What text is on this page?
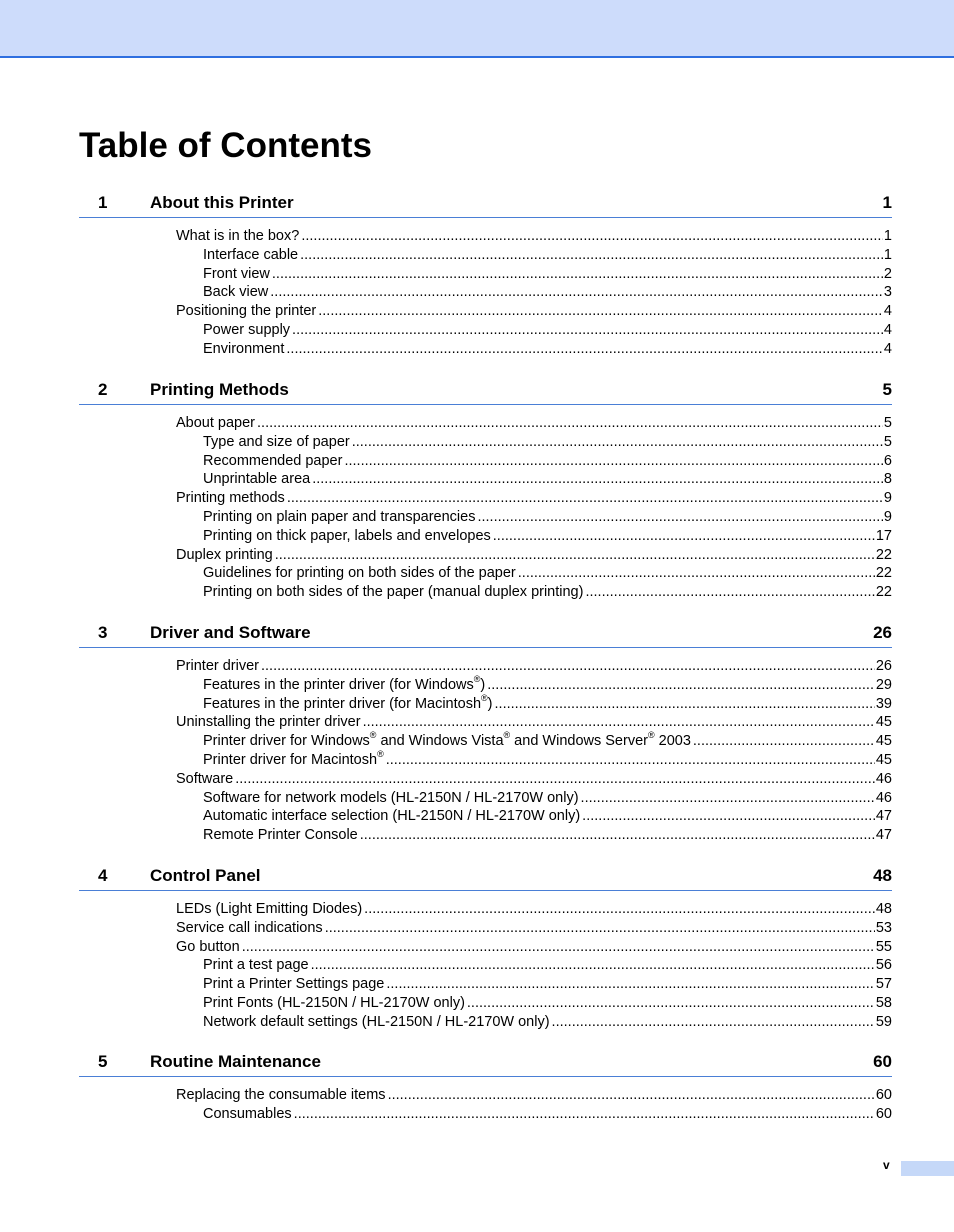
Table of Contents
1	About this Printer	1
What is in the box? .....	1
Interface cable .....	1
Front view .....	2
Back view .....	3
Positioning the printer .....	4
Power supply .....	4
Environment .....	4
2	Printing Methods	5
About paper .....	5
Type and size of paper .....	5
Recommended paper .....	6
Unprintable area .....	8
Printing methods .....	9
Printing on plain paper and transparencies .....	9
Printing on thick paper, labels and envelopes .....	17
Duplex printing .....	22
Guidelines for printing on both sides of the paper .....	22
Printing on both sides of the paper (manual duplex printing) .....	22
3	Driver and Software	26
Printer driver .....	26
Features in the printer driver (for Windows®) .....	29
Features in the printer driver (for Macintosh®) .....	39
Uninstalling the printer driver .....	45
Printer driver for Windows® and Windows Vista® and Windows Server® 2003 .....	45
Printer driver for Macintosh® .....	45
Software .....	46
Software for network models (HL-2150N / HL-2170W only) .....	46
Automatic interface selection (HL-2150N / HL-2170W only) .....	47
Remote Printer Console .....	47
4	Control Panel	48
LEDs (Light Emitting Diodes) .....	48
Service call indications .....	53
Go button .....	55
Print a test page .....	56
Print a Printer Settings page .....	57
Print Fonts (HL-2150N / HL-2170W only) .....	58
Network default settings (HL-2150N / HL-2170W only) .....	59
5	Routine Maintenance	60
Replacing the consumable items .....	60
Consumables .....	60
v
